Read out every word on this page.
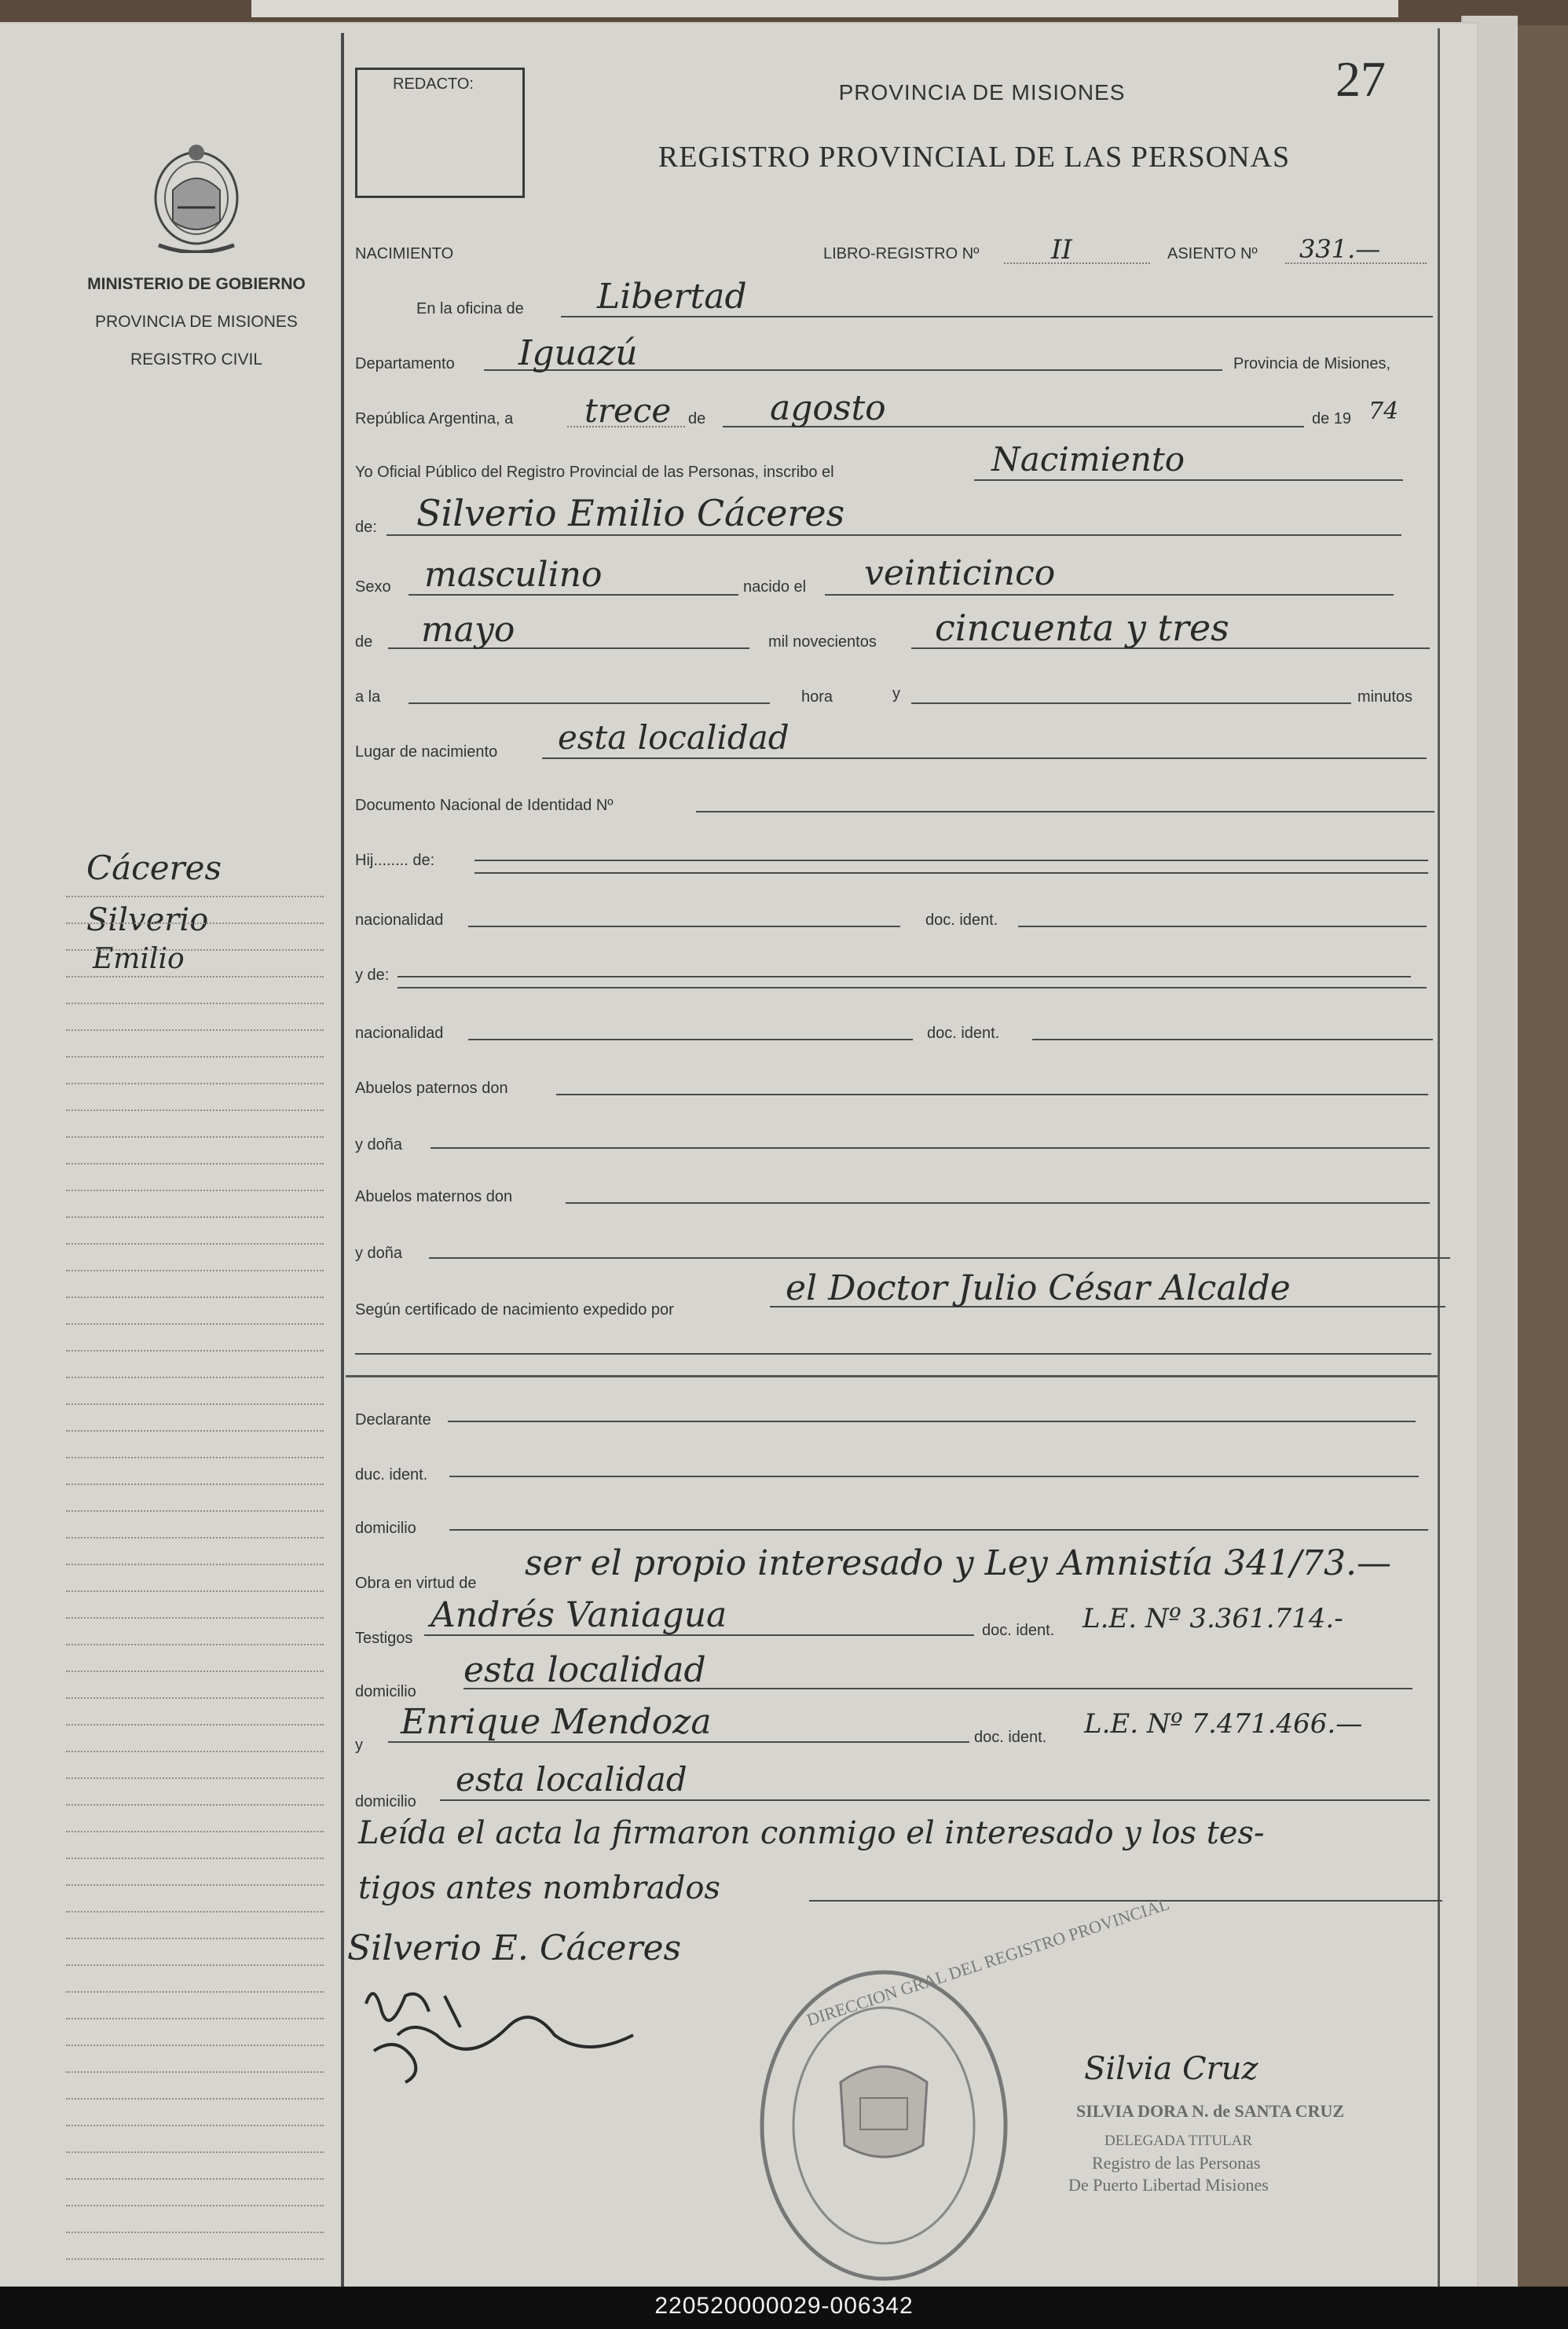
MINISTERIO DE GOBIERNO
PROVINCIA DE MISIONES
REGISTRO CIVIL
Cáceres
Silverio
Emilio
REDACTO:	PROVINCIA DE MISIONES
REGISTRO PROVINCIAL DE LAS PERSONAS
27
NACIMIENTO	LIBRO-REGISTRO Nº	II	ASIENTO Nº 331.—
En la oficina de Libertad
Departamento Iguazú	Provincia de Misiones,
República Argentina, a trece de agosto	de 19 74
Yo Oficial Público del Registro Provincial de las Personas, inscribo el	Nacimiento
de: Silverio Emilio Cáceres
Sexo masculino	nacido el veinticinco
de mayo	mil novecientos cincuenta y tres
a la	hora	y	minutos
Lugar de nacimiento esta localidad
Documento Nacional de Identidad Nº
Hij........ de:
nacionalidad	doc. ident.
y de:
nacionalidad	doc. ident.
Abuelos paternos don
y doña
Abuelos maternos don
y doña
Según certificado de nacimiento expedido por
el Doctor Julio César Alcalde
Declarante
duc. ident.
domicilio
Obra en virtud de ser el propio interesado y Ley Amnistía 341/73.—
Testigos
Andrés Vaniagua	doc. ident. L.E. Nº 3.361.714.-
domicilio
esta localidad
y
Enrique Mendoza	doc. ident. L.E. Nº 7.471.466.—
domicilio
esta localidad
Leída el acta la firmaron conmigo el interesado y los tes-
tigos antes nombrados
Silverio E. Cáceres	DIRECCION GRAL DEL REGISTRO PROVINCIAL
Silvia Cruz
SILVIA DORA N. de SANTA CRUZ
DELEGADA TITULAR
Registro de las Personas
De Puerto Libertad Misiones
220520000029-006342
